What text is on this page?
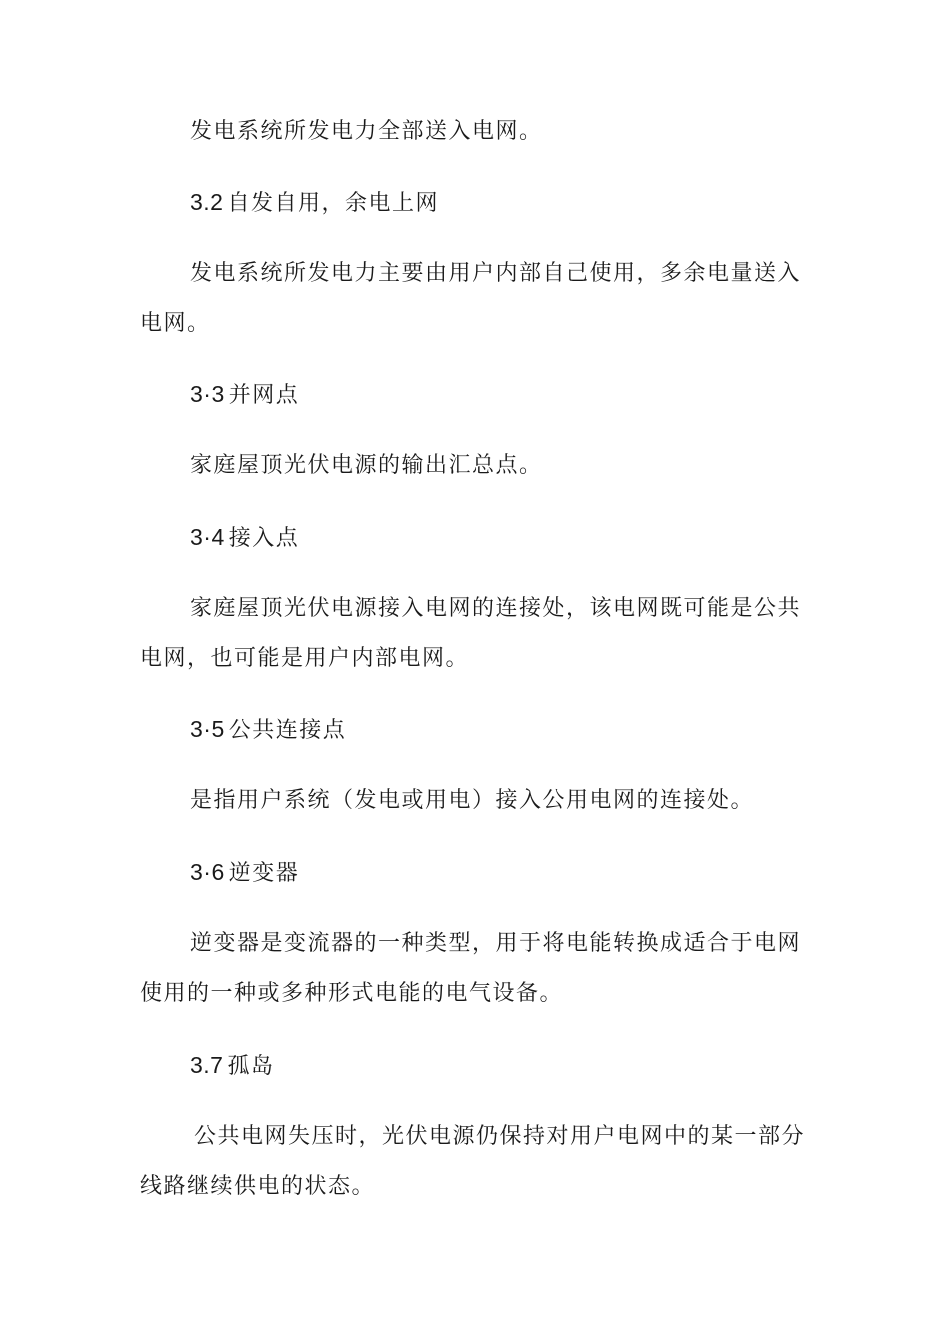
发电系统所发电力全部送入电网。
3.2 自发自用，余电上网
发电系统所发电力主要由用户内部自己使用，多余电量送入
电网。
3·3 并网点
家庭屋顶光伏电源的输出汇总点。
3·4 接入点
家庭屋顶光伏电源接入电网的连接处，该电网既可能是公共
电网，也可能是用户内部电网。
3·5 公共连接点
是指用户系统（发电或用电）接入公用电网的连接处。
3·6 逆变器
逆变器是变流器的一种类型，用于将电能转换成适合于电网
使用的一种或多种形式电能的电气设备。
3.7 孤岛
公共电网失压时，光伏电源仍保持对用户电网中的某一部分
线路继续供电的状态。
